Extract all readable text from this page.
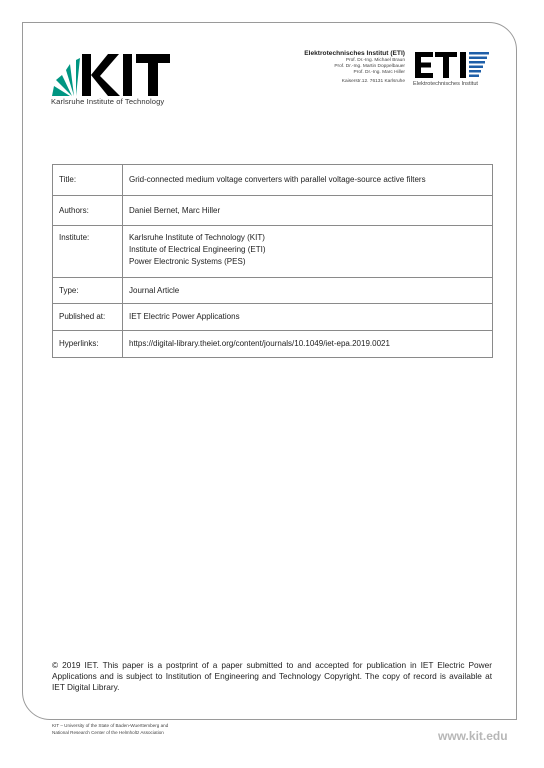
Karlsruhe Institute of Technology
Elektrotechnisches Institut (ETI)
Prof. Dr.-Ing. Michael Braun
Prof. Dr.-Ing. Martin Doppelbauer
Prof. Dr.-Ing. Marc Hiller
Kaiserstr.12. 76131 Karlsruhe Elektrotechnisches Institut
Title:	Grid-connected medium voltage converters with parallel voltage-source active filters
Authors:	Daniel Bernet, Marc Hiller
Institute:	Karlsruhe Institute of Technology (KIT)
Institute of Electrical Engineering (ETI)
Power Electronic Systems (PES)

Type:	Journal Article
Published at:	IET Electric Power Applications
Hyperlinks:	https://digital-library.theiet.org/content/journals/10.1049/iet-epa.2019.0021
© 2019 IET. This paper is a postprint of a paper submitted to and accepted for publication in IET Electric Power Applications and is subject to Institution of Engineering and Technology Copyright. The copy of record is available at IET Digital Library.
KIT – University of the State of Baden-Wuerttemberg and
National Research Center of the Helmholtz Association	www.kit.edu
